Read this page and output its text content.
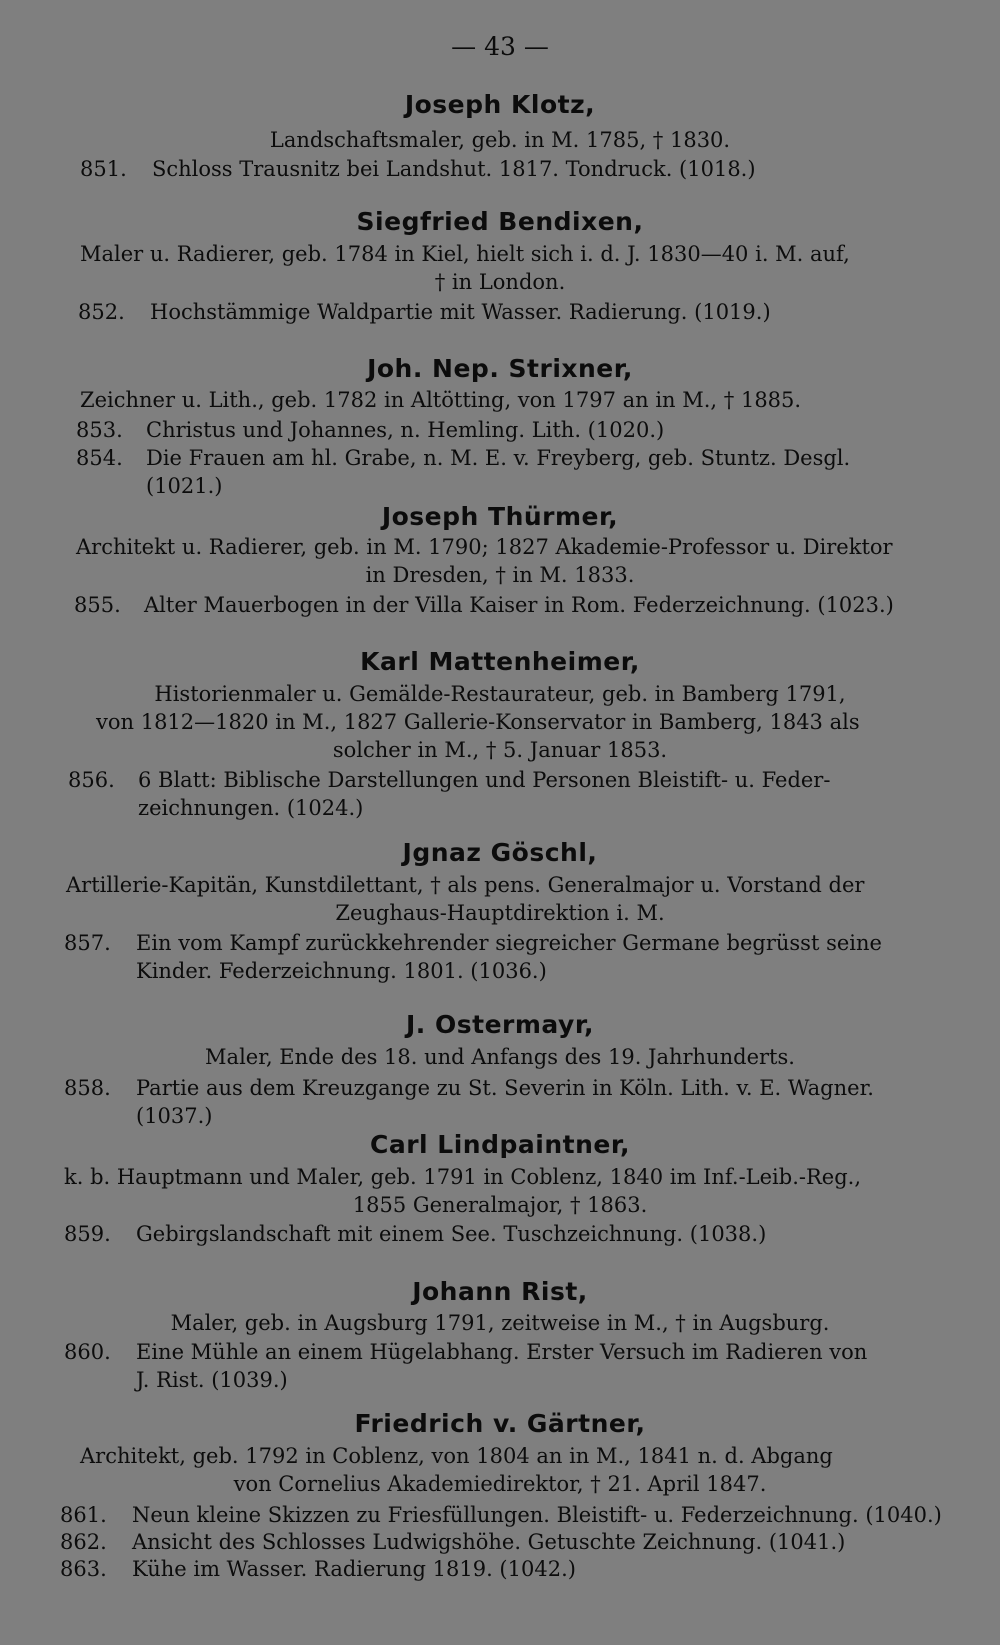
— 43 —
Joseph Klotz,
Landschaftsmaler, geb. in M. 1785, † 1830.
851. Schloss Trausnitz bei Landshut. 1817. Tondruck. (1018.)
Siegfried Bendixen,
Maler u. Radierer, geb. 1784 in Kiel, hielt sich i. d. J. 1830—40 i. M. auf,
† in London.
852. Hochstämmige Waldpartie mit Wasser. Radierung. (1019.)
Joh. Nep. Strixner,
Zeichner u. Lith., geb. 1782 in Altötting, von 1797 an in M., † 1885.
853. Christus und Johannes, n. Hemling. Lith. (1020.)
854. Die Frauen am hl. Grabe, n. M. E. v. Freyberg, geb. Stuntz. Desgl.
(1021.)
Joseph Thürmer,
Architekt u. Radierer, geb. in M. 1790; 1827 Akademie-Professor u. Direktor
in Dresden, † in M. 1833.
855. Alter Mauerbogen in der Villa Kaiser in Rom. Federzeichnung. (1023.)
Karl Mattenheimer,
Historienmaler u. Gemälde-Restaurateur, geb. in Bamberg 1791,
von 1812—1820 in M., 1827 Gallerie-Konservator in Bamberg, 1843 als
solcher in M., † 5. Januar 1853.
856. 6 Blatt: Biblische Darstellungen und Personen Bleistift- u. Feder-
zeichnungen. (1024.)
Jgnaz Göschl,
Artillerie-Kapitän, Kunstdilettant, † als pens. Generalmajor u. Vorstand der
Zeughaus-Hauptdirektion i. M.
857. Ein vom Kampf zurückkehrender siegreicher Germane begrüsst seine
Kinder. Federzeichnung. 1801. (1036.)
J. Ostermayr,
Maler, Ende des 18. und Anfangs des 19. Jahrhunderts.
858. Partie aus dem Kreuzgange zu St. Severin in Köln. Lith. v. E. Wagner.
(1037.)
Carl Lindpaintner,
k. b. Hauptmann und Maler, geb. 1791 in Coblenz, 1840 im Inf.-Leib.-Reg.,
1855 Generalmajor, † 1863.
859. Gebirgslandschaft mit einem See. Tuschzeichnung. (1038.)
Johann Rist,
Maler, geb. in Augsburg 1791, zeitweise in M., † in Augsburg.
860. Eine Mühle an einem Hügelabhang. Erster Versuch im Radieren von
J. Rist. (1039.)
Friedrich v. Gärtner,
Architekt, geb. 1792 in Coblenz, von 1804 an in M., 1841 n. d. Abgang
von Cornelius Akademiedirektor, † 21. April 1847.
861. Neun kleine Skizzen zu Friesfüllungen. Bleistift- u. Federzeichnung. (1040.)
862. Ansicht des Schlosses Ludwigshöhe. Getuschte Zeichnung. (1041.)
863. Kühe im Wasser. Radierung 1819. (1042.)
